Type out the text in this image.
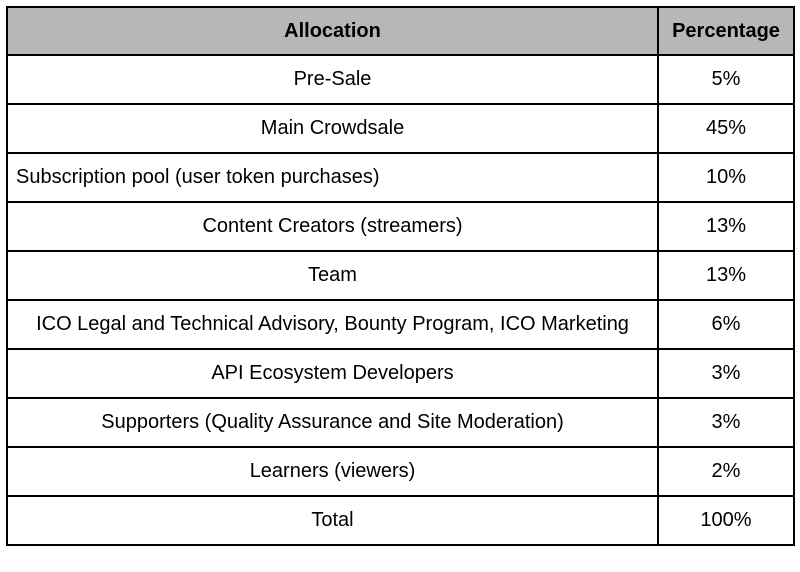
Allocation	Percentage
Pre-Sale	5%
Main Crowdsale	45%
Subscription pool (user token purchases)	10%
Content Creators (streamers)	13%
Team	13%
ICO Legal and Technical Advisory, Bounty Program, ICO Marketing	6%
API Ecosystem Developers	3%
Supporters (Quality Assurance and Site Moderation)	3%
Learners (viewers)	2%
Total	100%
